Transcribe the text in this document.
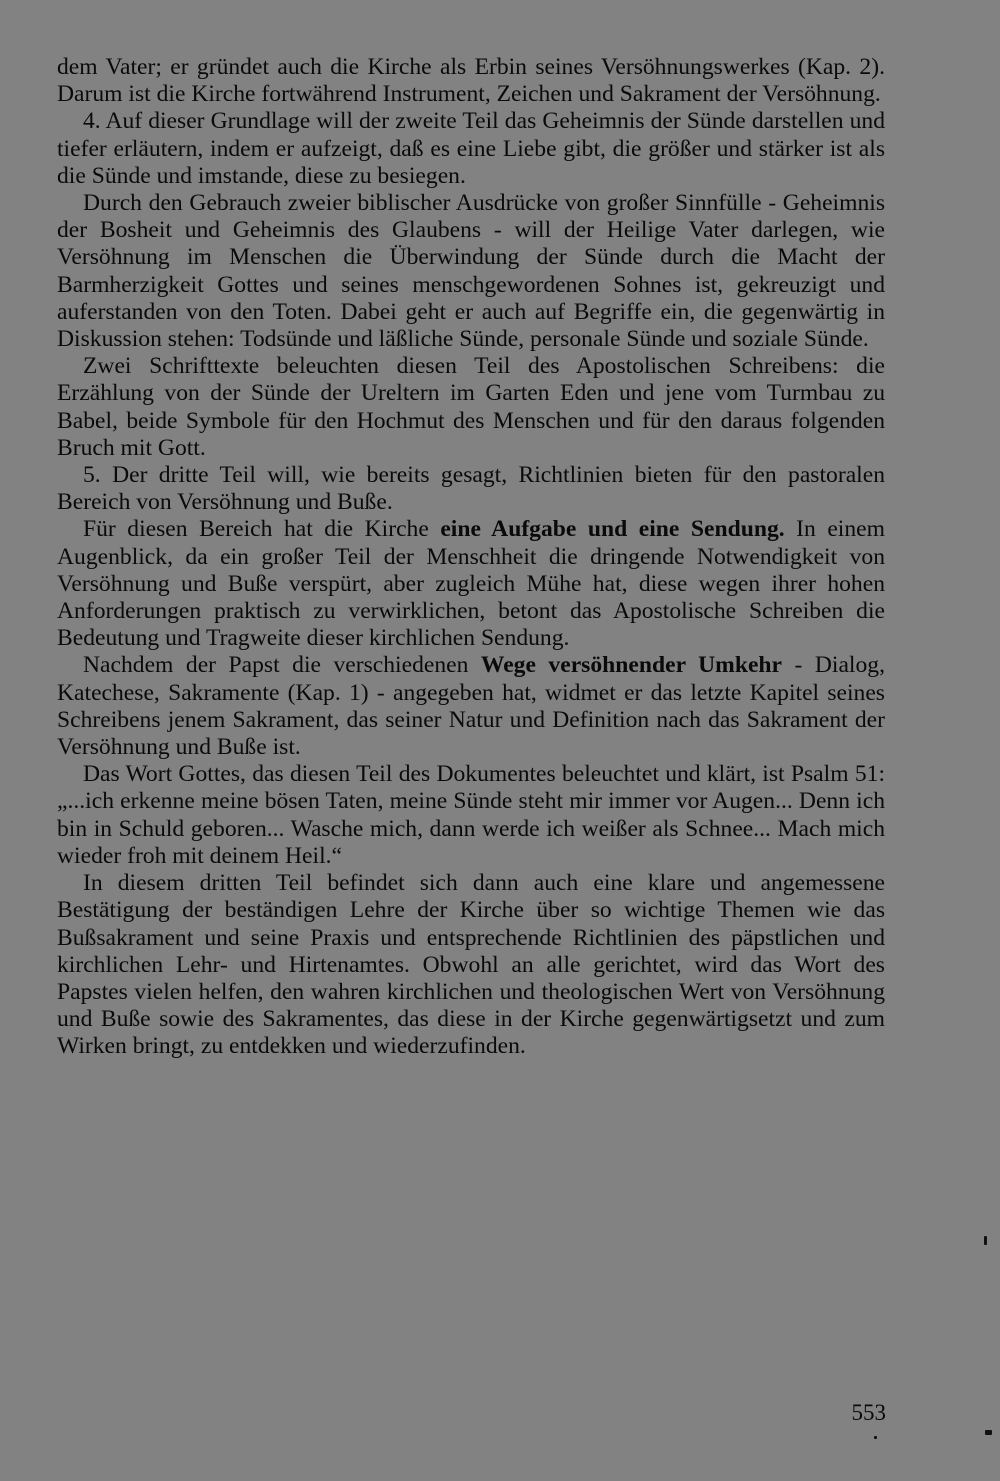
dem Vater; er gründet auch die Kirche als Erbin seines Versöhnungswerkes (Kap. 2). Darum ist die Kirche fortwährend Instrument, Zeichen und Sakrament der Versöhnung.

4. Auf dieser Grundlage will der zweite Teil das Geheimnis der Sünde darstellen und tiefer erläutern, indem er aufzeigt, daß es eine Liebe gibt, die größer und stärker ist als die Sünde und imstande, diese zu besiegen.

Durch den Gebrauch zweier biblischer Ausdrücke von großer Sinnfülle - Geheimnis der Bosheit und Geheimnis des Glaubens - will der Heilige Vater darlegen, wie Versöhnung im Menschen die Überwindung der Sünde durch die Macht der Barmherzigkeit Gottes und seines menschgewordenen Sohnes ist, gekreuzigt und auferstanden von den Toten. Dabei geht er auch auf Begriffe ein, die gegenwärtig in Diskussion stehen: Todsünde und läßliche Sünde, personale Sünde und soziale Sünde.

Zwei Schrifttexte beleuchten diesen Teil des Apostolischen Schreibens: die Erzählung von der Sünde der Ureltern im Garten Eden und jene vom Turmbau zu Babel, beide Symbole für den Hochmut des Menschen und für den daraus folgenden Bruch mit Gott.

5. Der dritte Teil will, wie bereits gesagt, Richtlinien bieten für den pastoralen Bereich von Versöhnung und Buße.

Für diesen Bereich hat die Kirche eine Aufgabe und eine Sendung. In einem Augenblick, da ein großer Teil der Menschheit die dringende Notwendigkeit von Versöhnung und Buße verspürt, aber zugleich Mühe hat, diese wegen ihrer hohen Anforderungen praktisch zu verwirklichen, betont das Apostolische Schreiben die Bedeutung und Tragweite dieser kirchlichen Sendung.

Nachdem der Papst die verschiedenen Wege versöhnender Umkehr - Dialog, Katechese, Sakramente (Kap. 1) - angegeben hat, widmet er das letzte Kapitel seines Schreibens jenem Sakrament, das seiner Natur und Definition nach das Sakrament der Versöhnung und Buße ist.

Das Wort Gottes, das diesen Teil des Dokumentes beleuchtet und klärt, ist Psalm 51: „...ich erkenne meine bösen Taten, meine Sünde steht mir immer vor Augen... Denn ich bin in Schuld geboren... Wasche mich, dann werde ich weißer als Schnee... Mach mich wieder froh mit deinem Heil.“

In diesem dritten Teil befindet sich dann auch eine klare und angemessene Bestätigung der beständigen Lehre der Kirche über so wichtige Themen wie das Bußsakrament und seine Praxis und entsprechende Richtlinien des päpstlichen und kirchlichen Lehr- und Hirtenamtes. Obwohl an alle gerichtet, wird das Wort des Papstes vielen helfen, den wahren kirchlichen und theologischen Wert von Versöhnung und Buße sowie des Sakramentes, das diese in der Kirche gegenwärtigsetzt und zum Wirken bringt, zu entdekken und wiederzufinden.

553
